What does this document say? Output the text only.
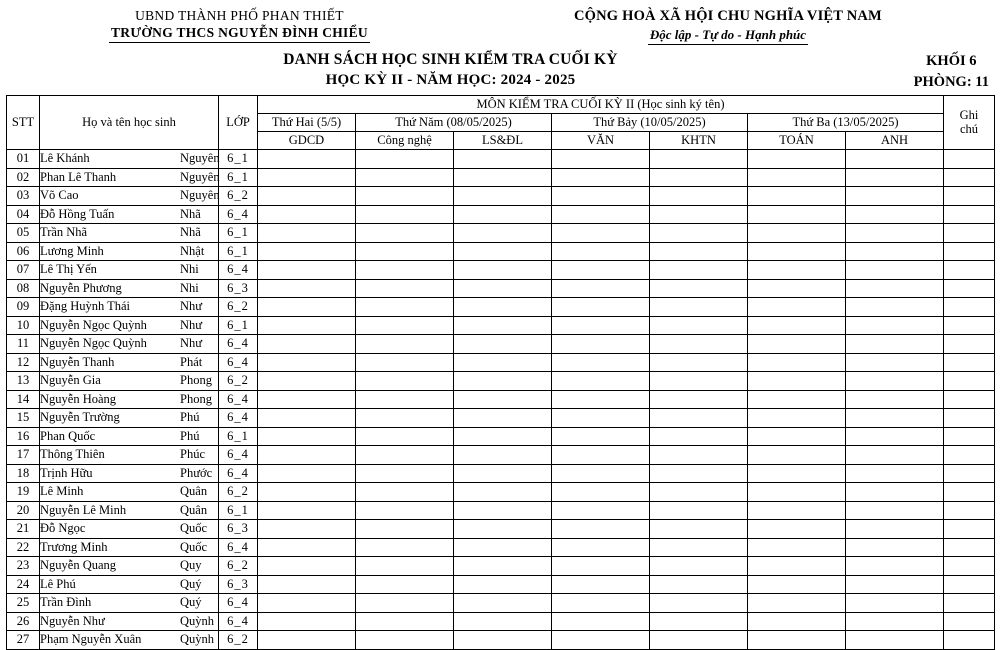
UBND THÀNH PHỐ PHAN THIẾT
TRƯỜNG THCS NGUYỄN ĐÌNH CHIỂU
CỘNG HOÀ XÃ HỘI CHU NGHĨA VIỆT NAM
Độc lập - Tự do - Hạnh phúc
DANH SÁCH HỌC SINH KIỂM TRA CUỐI KỲ
HỌC KỲ II - NĂM HỌC: 2024 - 2025
KHỐI 6
PHÒNG: 11
STT	Họ và tên học sinh	LỚP	MÔN KIỂM TRA CUỐI KỲ II (Học sinh ký tên)							Ghi
chú

			Thứ Hai (5/5)	Thứ Năm (08/05/2025)		Thứ Bảy (10/05/2025)		Thứ Ba (13/05/2025)		
			GDCD	Công nghệ	LS&ĐL	VĂN	KHTN	TOÁN	ANH	
01	Lê Khánh Nguyên	6_1								
02	Phan Lê Thanh Nguyên	6_1								
03	Võ Cao Nguyên	6_2								
04	Đỗ Hồng Tuấn Nhã	6_4								
05	Trần Nhã Nhã	6_1								
06	Lương Minh Nhật	6_1								
07	Lê Thị Yến Nhi	6_4								
08	Nguyễn Phương Nhi	6_3								
09	Đặng Huỳnh Thái Như	6_2								
10	Nguyễn Ngọc Quỳnh Như	6_1								
11	Nguyễn Ngọc Quỳnh Như	6_4								
12	Nguyễn Thanh Phát	6_4								
13	Nguyễn Gia Phong	6_2								
14	Nguyễn Hoàng Phong	6_4								
15	Nguyễn Trường Phú	6_4								
16	Phan Quốc Phú	6_1								
17	Thông Thiên Phúc	6_4								
18	Trịnh Hữu Phước	6_4								
19	Lê Minh Quân	6_2								
20	Nguyễn Lê Minh Quân	6_1								
21	Đỗ Ngọc Quốc	6_3								
22	Trương Minh Quốc	6_4								
23	Nguyễn Quang Quy	6_2								
24	Lê Phú Quý	6_3								
25	Trần Đình Quý	6_4								
26	Nguyễn Như Quỳnh	6_4								
27	Phạm Nguyễn Xuân Quỳnh	6_2								
